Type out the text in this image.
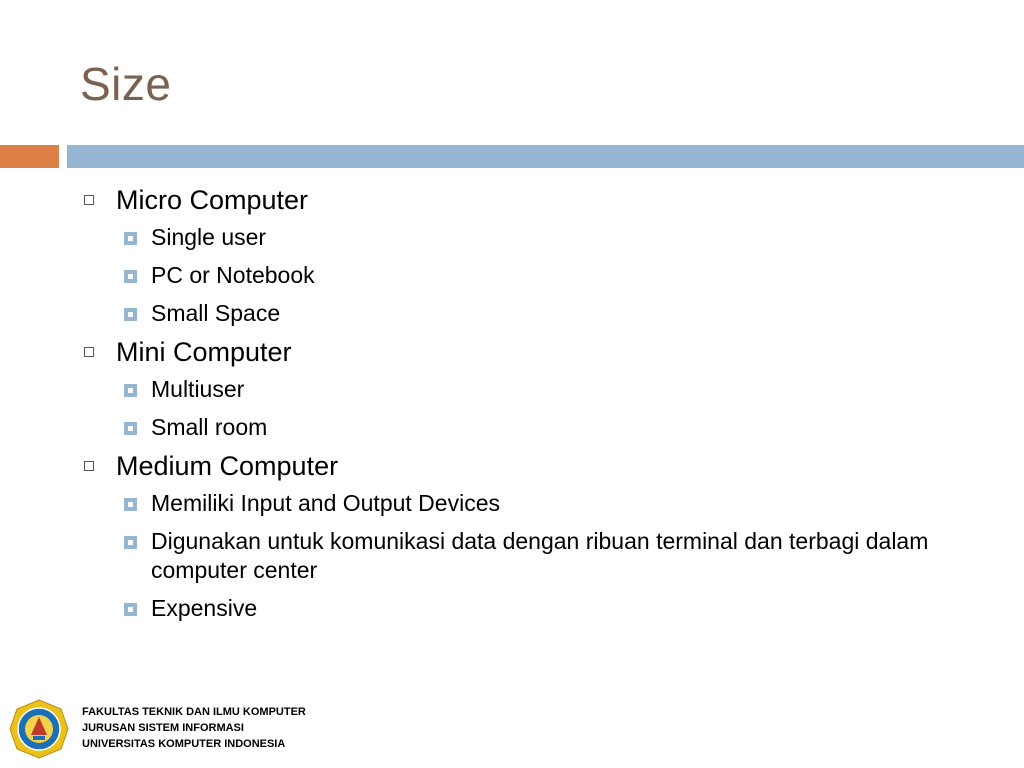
Size
Micro Computer
Single user
PC or Notebook
Small Space
Mini Computer
Multiuser
Small room
Medium Computer
Memiliki Input and Output Devices
Digunakan untuk komunikasi data dengan ribuan terminal dan terbagi dalam computer center
Expensive
FAKULTAS TEKNIK DAN ILMU KOMPUTER
JURUSAN SISTEM INFORMASI
UNIVERSITAS KOMPUTER INDONESIA
